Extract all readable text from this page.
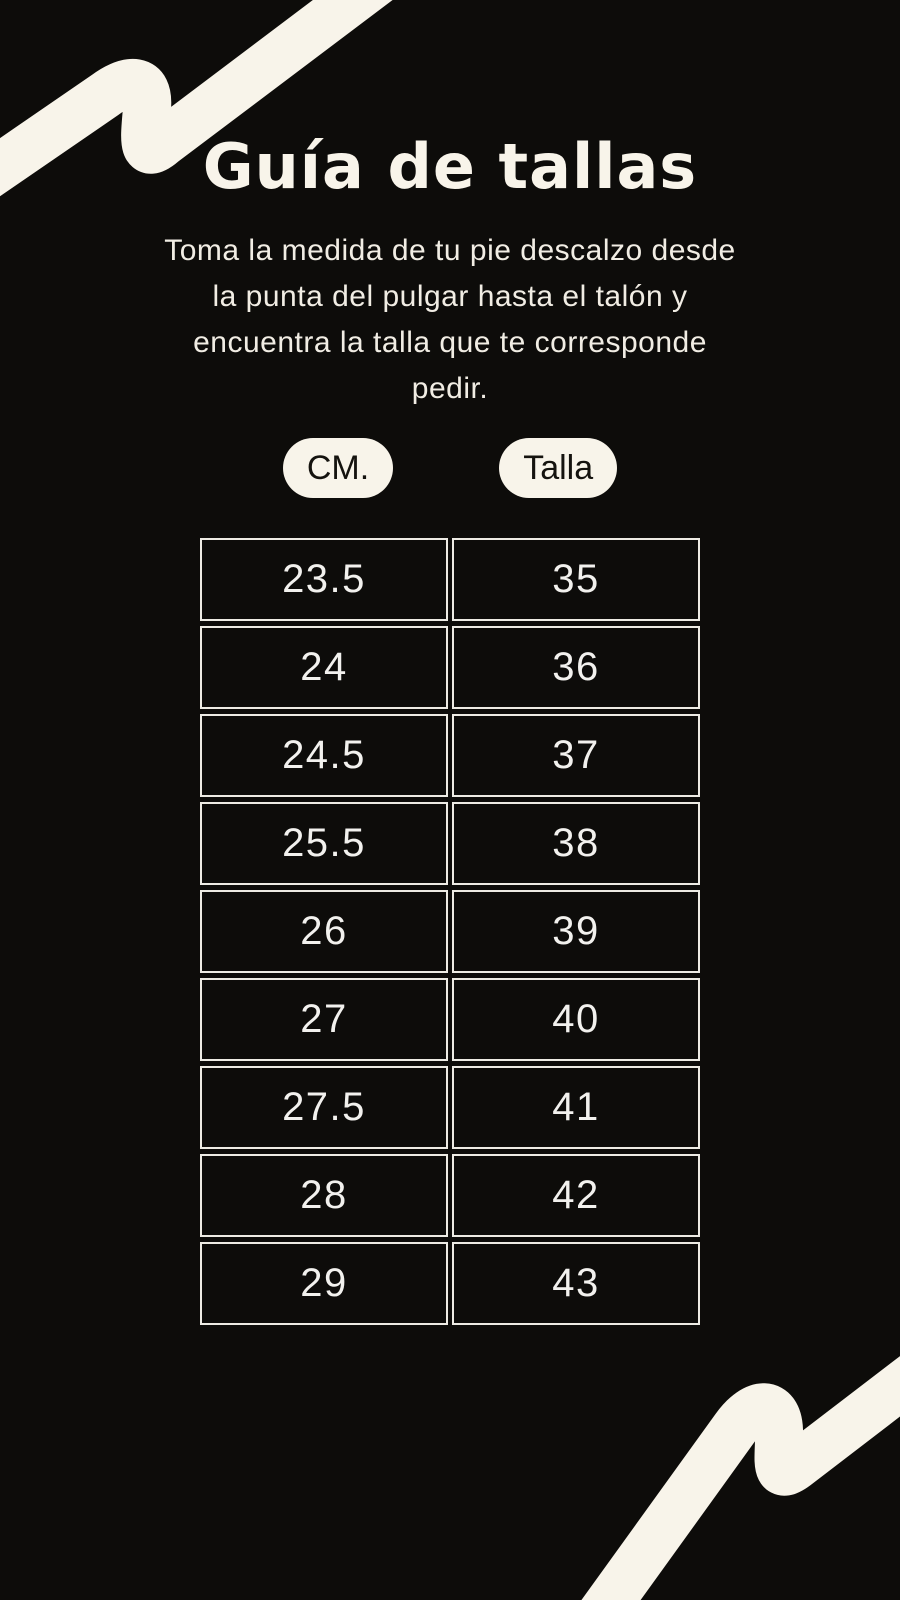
Guía de tallas
Toma la medida de tu pie descalzo desde
la punta del pulgar hasta el talón y
encuentra la talla que te corresponde
pedir.
CM.	Talla
23.5	35
24	36
24.5	37
25.5	38
26	39
27	40
27.5	41
28	42
29	43
